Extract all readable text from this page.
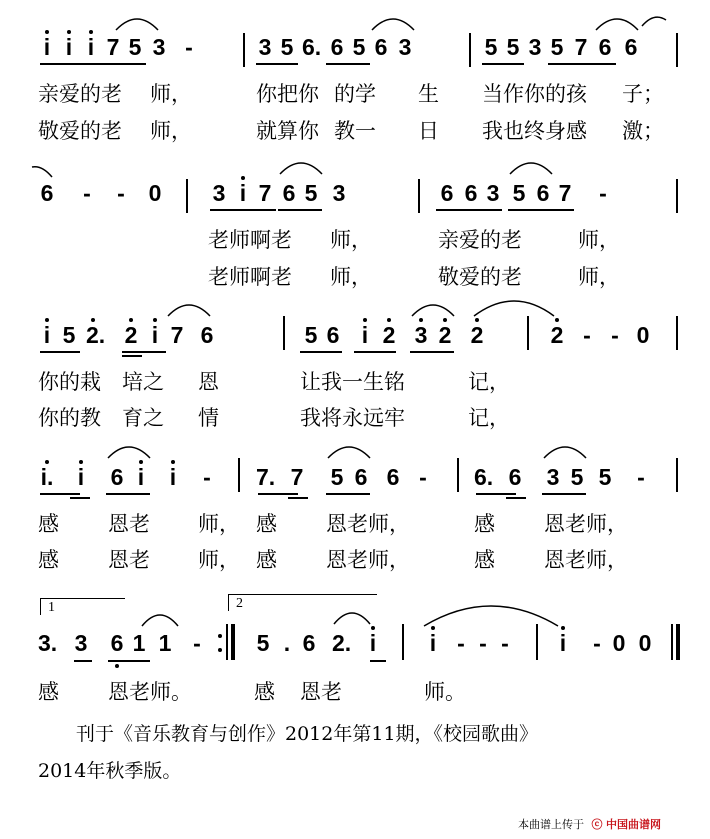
i i i 7 5 3 -	3 5 6. 6 5 6 3	5 5 3 5 7 6 6
亲爱的老 师，	你把你 的学 生 当作你的孩 子；
敬爱的老 师，	就算你 教一 日 我也终身感 激；
6 - - 0 3 i 7 6 5 3	6 6 3 5 6 7 -
老师啊老 师，	亲爱的老	师，
老师啊老 师，	敬爱的老	师，
i 5 2. 2 i 7 6	5 6 i 2 3 2 2	2 - - 0
你的栽 培之 恩	让我一生铭	记，
你的教 育之 情	我将永远牢	记，
i. i 6 i i - 7. 7 5 6 6 - 6. 6 3 5 5 -
感 恩老 师， 感 恩老师，	感 恩老师，
感 恩老 师， 感 恩老师，	感 恩老师，
1	2
3. 3 6 1 1 - 5 . 6 2. i i - - - i - 0 0
感 恩老师。	感 恩老	师。
刊于《音乐教育与创作》2012年第11期，《校园歌曲》
2014年秋季版。
本曲谱上传于 ⓒ 中国曲谱网
